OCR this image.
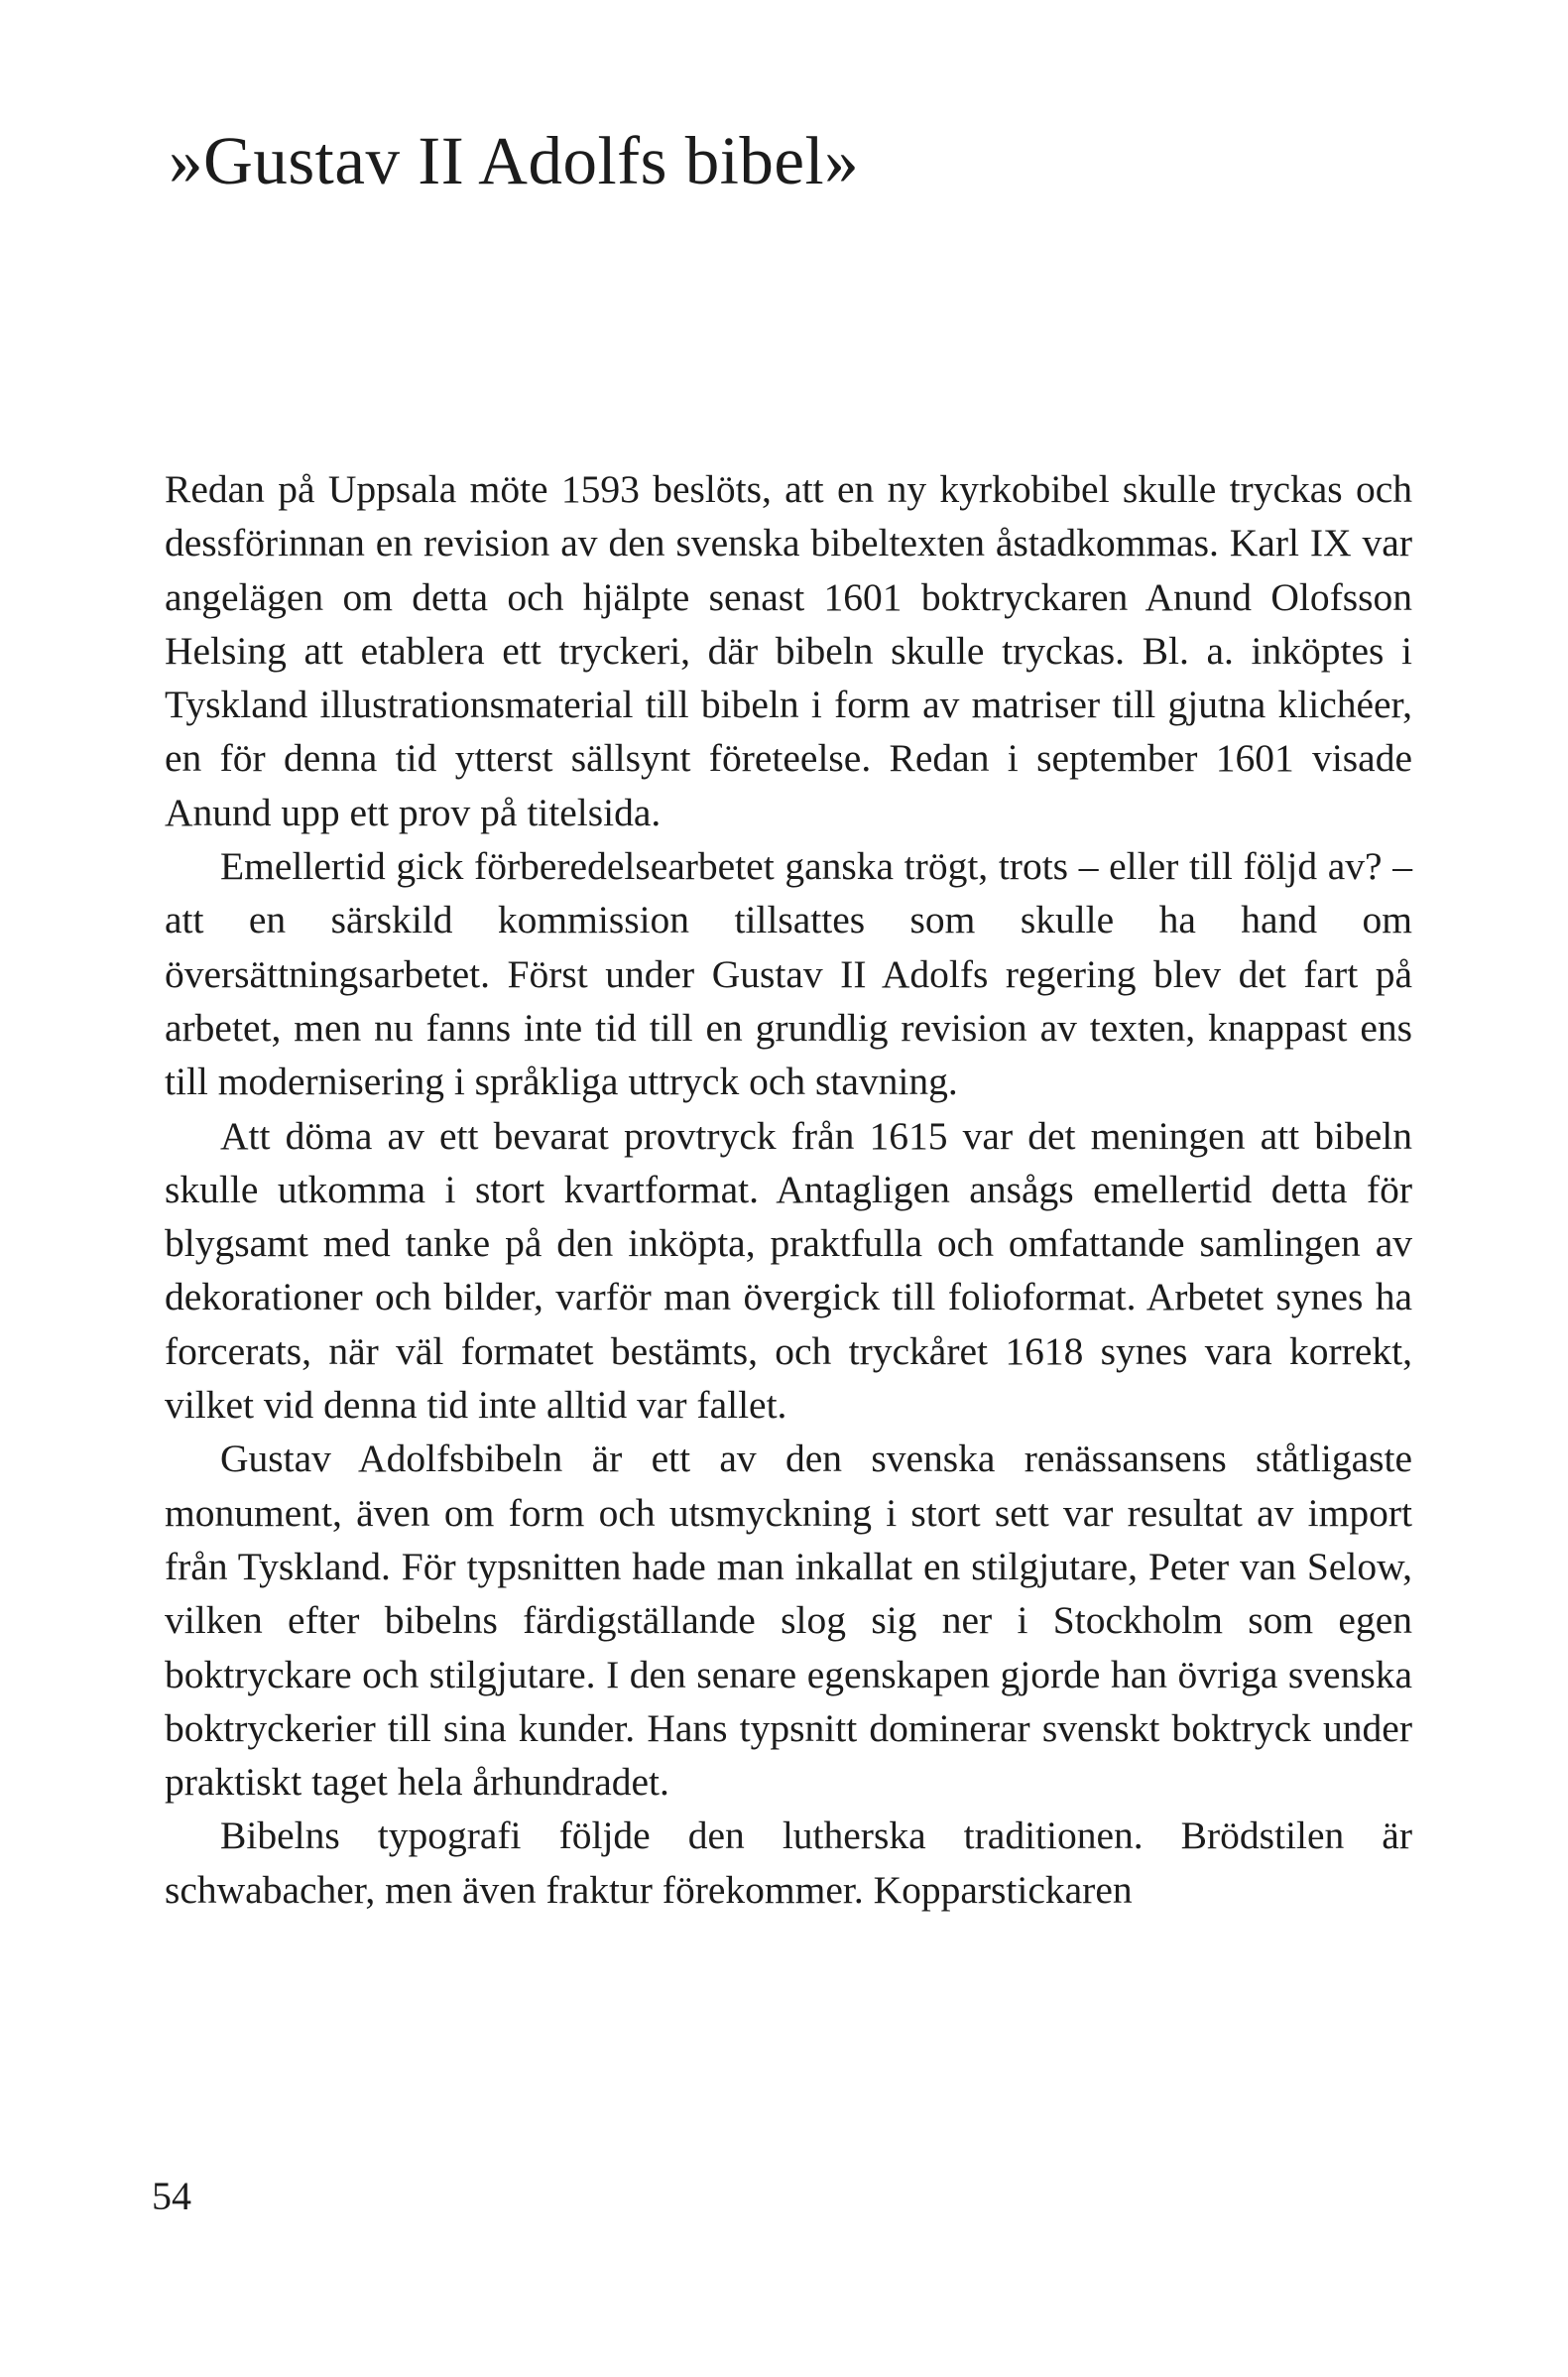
»Gustav II Adolfs bibel»

Redan på Uppsala möte 1593 beslöts, att en ny kyrkobibel skulle tryckas och dessförinnan en revision av den svenska bibeltexten åstadkommas. Karl IX var angelägen om detta och hjälpte senast 1601 boktryckaren Anund Olofsson Helsing att etablera ett tryckeri, där bibeln skulle tryckas. Bl. a. inköptes i Tyskland illustrationsmaterial till bibeln i form av matriser till gjutna klichéer, en för denna tid ytterst sällsynt företeelse. Redan i september 1601 visade Anund upp ett prov på titelsida.

Emellertid gick förberedelsearbetet ganska trögt, trots – eller till följd av? – att en särskild kommission tillsattes som skulle ha hand om översättningsarbetet. Först under Gustav II Adolfs regering blev det fart på arbetet, men nu fanns inte tid till en grundlig revision av texten, knappast ens till modernisering i språkliga uttryck och stavning.

Att döma av ett bevarat provtryck från 1615 var det meningen att bibeln skulle utkomma i stort kvartformat. Antagligen ansågs emellertid detta för blygsamt med tanke på den inköpta, praktfulla och omfattande samlingen av dekorationer och bilder, varför man övergick till folioformat. Arbetet synes ha forcerats, när väl formatet bestämts, och tryckåret 1618 synes vara korrekt, vilket vid denna tid inte alltid var fallet.

Gustav Adolfsbibeln är ett av den svenska renässansens ståtligaste monument, även om form och utsmyckning i stort sett var resultat av import från Tyskland. För typsnitten hade man inkallat en stilgjutare, Peter van Selow, vilken efter bibelns färdigställande slog sig ner i Stockholm som egen boktryckare och stilgjutare. I den senare egenskapen gjorde han övriga svenska boktryckerier till sina kunder. Hans typsnitt dominerar svenskt boktryck under praktiskt taget hela århundradet.

Bibelns typografi följde den lutherska traditionen. Brödstilen är schwabacher, men även fraktur förekommer. Kopparstickaren

54
